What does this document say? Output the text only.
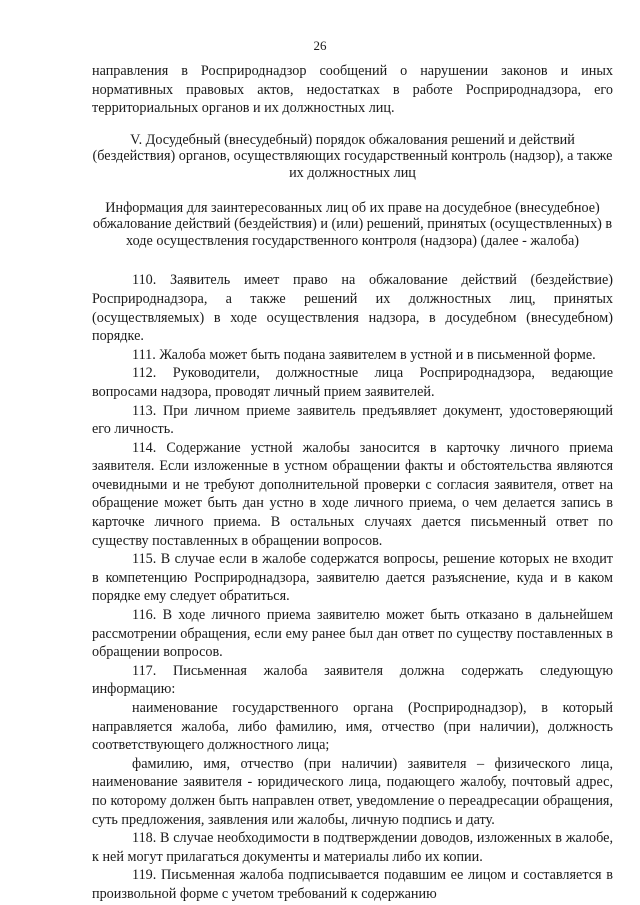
26

направления в Росприроднадзор сообщений о нарушении законов и иных нормативных правовых актов, недостатках в работе Росприроднадзора, его территориальных органов и их должностных лиц.

V. Досудебный (внесудебный) порядок обжалования решений и действий (бездействия) органов, осуществляющих государственный контроль (надзор), а также их должностных лиц
Информация для заинтересованных лиц об их праве на досудебное (внесудебное) обжалование действий (бездействия) и (или) решений, принятых (осуществленных) в ходе осуществления государственного контроля (надзора) (далее - жалоба)

110. Заявитель имеет право на обжалование действий (бездействие) Росприроднадзора, а также решений их должностных лиц, принятых (осуществляемых) в ходе осуществления надзора, в досудебном (внесудебном) порядке.

111. Жалоба может быть подана заявителем в устной и в письменной форме.

112. Руководители, должностные лица Росприроднадзора, ведающие вопросами надзора, проводят личный прием заявителей.

113. При личном приеме заявитель предъявляет документ, удостоверяющий его личность.

114. Содержание устной жалобы заносится в карточку личного приема заявителя. Если изложенные в устном обращении факты и обстоятельства являются очевидными и не требуют дополнительной проверки с согласия заявителя, ответ на обращение может быть дан устно в ходе личного приема, о чем делается запись в карточке личного приема. В остальных случаях дается письменный ответ по существу поставленных в обращении вопросов.

115. В случае если в жалобе содержатся вопросы, решение которых не входит в компетенцию Росприроднадзора, заявителю дается разъяснение, куда и в каком порядке ему следует обратиться.

116. В ходе личного приема заявителю может быть отказано в дальнейшем рассмотрении обращения, если ему ранее был дан ответ по существу поставленных в обращении вопросов.

117. Письменная жалоба заявителя должна содержать следующую информацию:

наименование государственного органа (Росприроднадзор), в который направляется жалоба, либо фамилию, имя, отчество (при наличии), должность соответствующего должностного лица;

фамилию, имя, отчество (при наличии) заявителя – физического лица, наименование заявителя - юридического лица, подающего жалобу, почтовый адрес, по которому должен быть направлен ответ, уведомление о переадресации обращения, суть предложения, заявления или жалобы, личную подпись и дату.

118. В случае необходимости в подтверждении доводов, изложенных в жалобе, к ней могут прилагаться документы и материалы либо их копии.

119. Письменная жалоба подписывается подавшим ее лицом и составляется в произвольной форме с учетом требований к содержанию
